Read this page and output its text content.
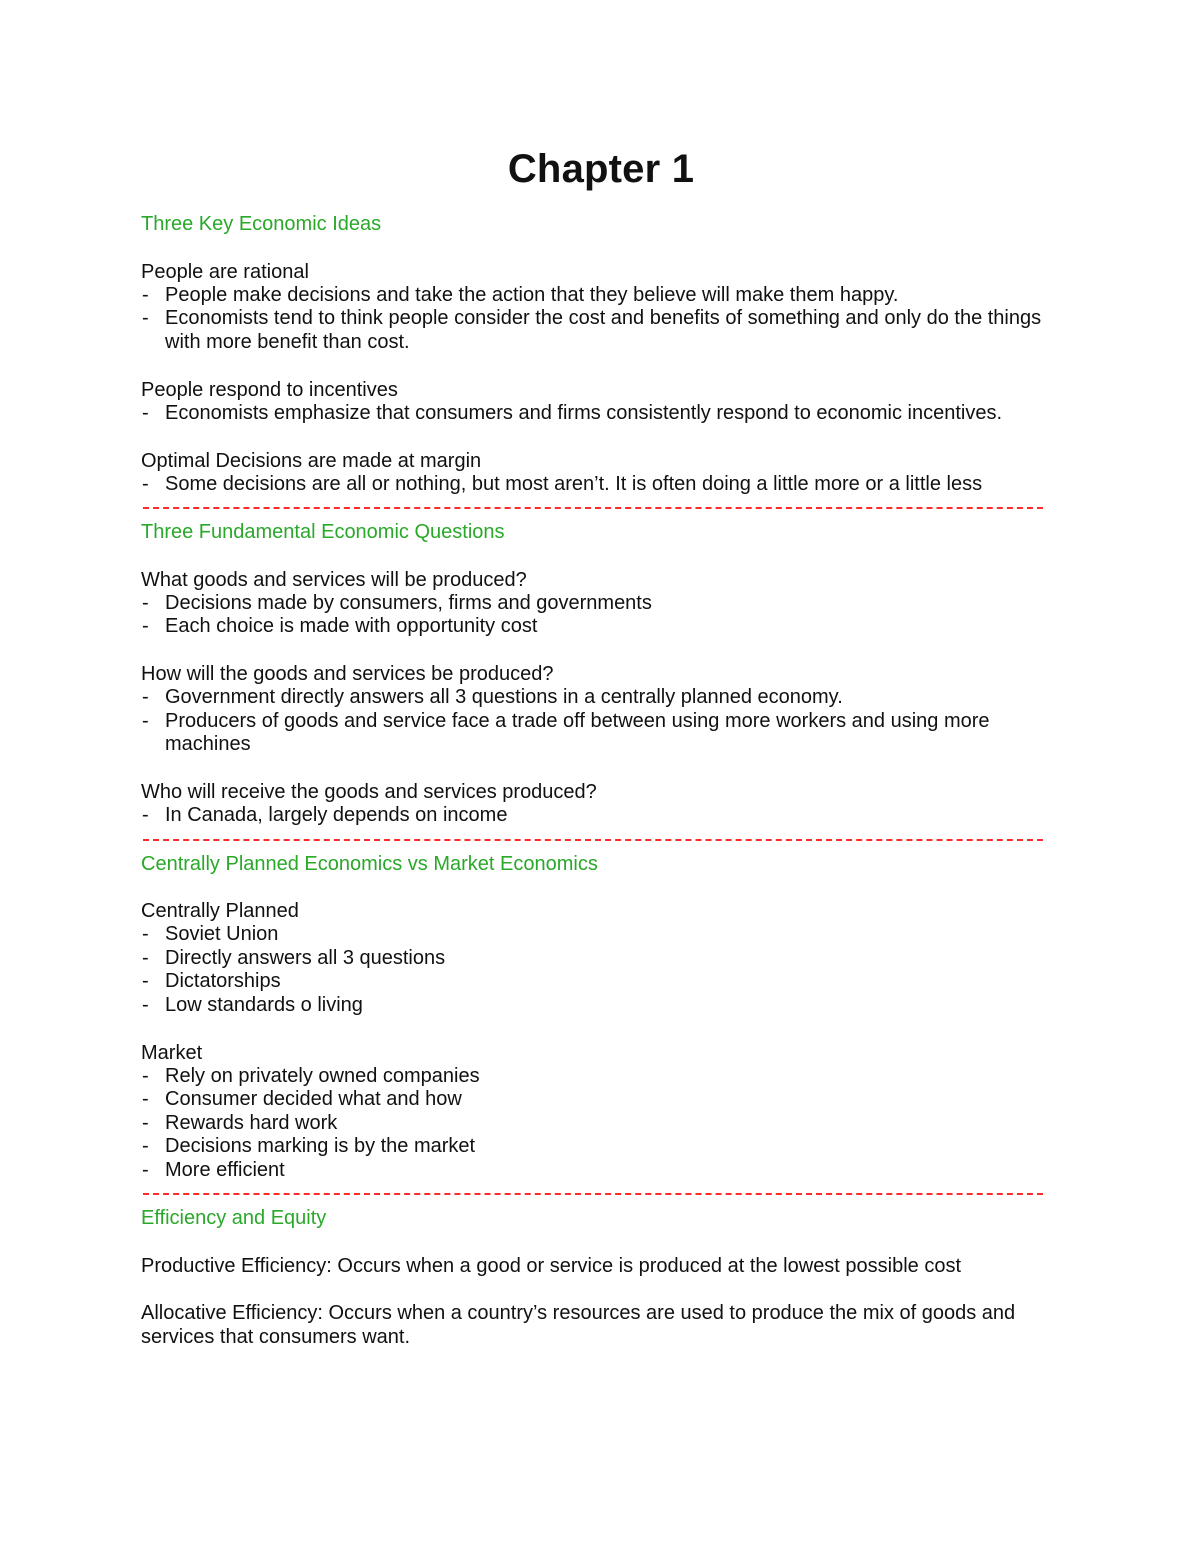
Chapter 1
Three Key Economic Ideas

People are rational

- People make decisions and take the action that they believe will make them happy.
- Economists tend to think people consider the cost and benefits of something and only do the things with more benefit than cost.

People respond to incentives

- Economists emphasize that consumers and firms consistently respond to economic incentives.

Optimal Decisions are made at margin

- Some decisions are all or nothing, but most aren’t. It is often doing a little more or a little less
Three Fundamental Economic Questions

What goods and services will be produced?

- Decisions made by consumers, firms and governments
- Each choice is made with opportunity cost

How will the goods and services be produced?

- Government directly answers all 3 questions in a centrally planned economy.
- Producers of goods and service face a trade off between using more workers and using more machines

Who will receive the goods and services produced?

- In Canada, largely depends on income
Centrally Planned Economics vs Market Economics

Centrally Planned

- Soviet Union
- Directly answers all 3 questions
- Dictatorships
- Low standards o living

Market

- Rely on privately owned companies
- Consumer decided what and how
- Rewards hard work
- Decisions marking is by the market
- More efficient
Efficiency and Equity

Productive Efficiency: Occurs when a good or service is produced at the lowest possible cost

Allocative Efficiency: Occurs when a country’s resources are used to produce the mix of goods and services that consumers want.
